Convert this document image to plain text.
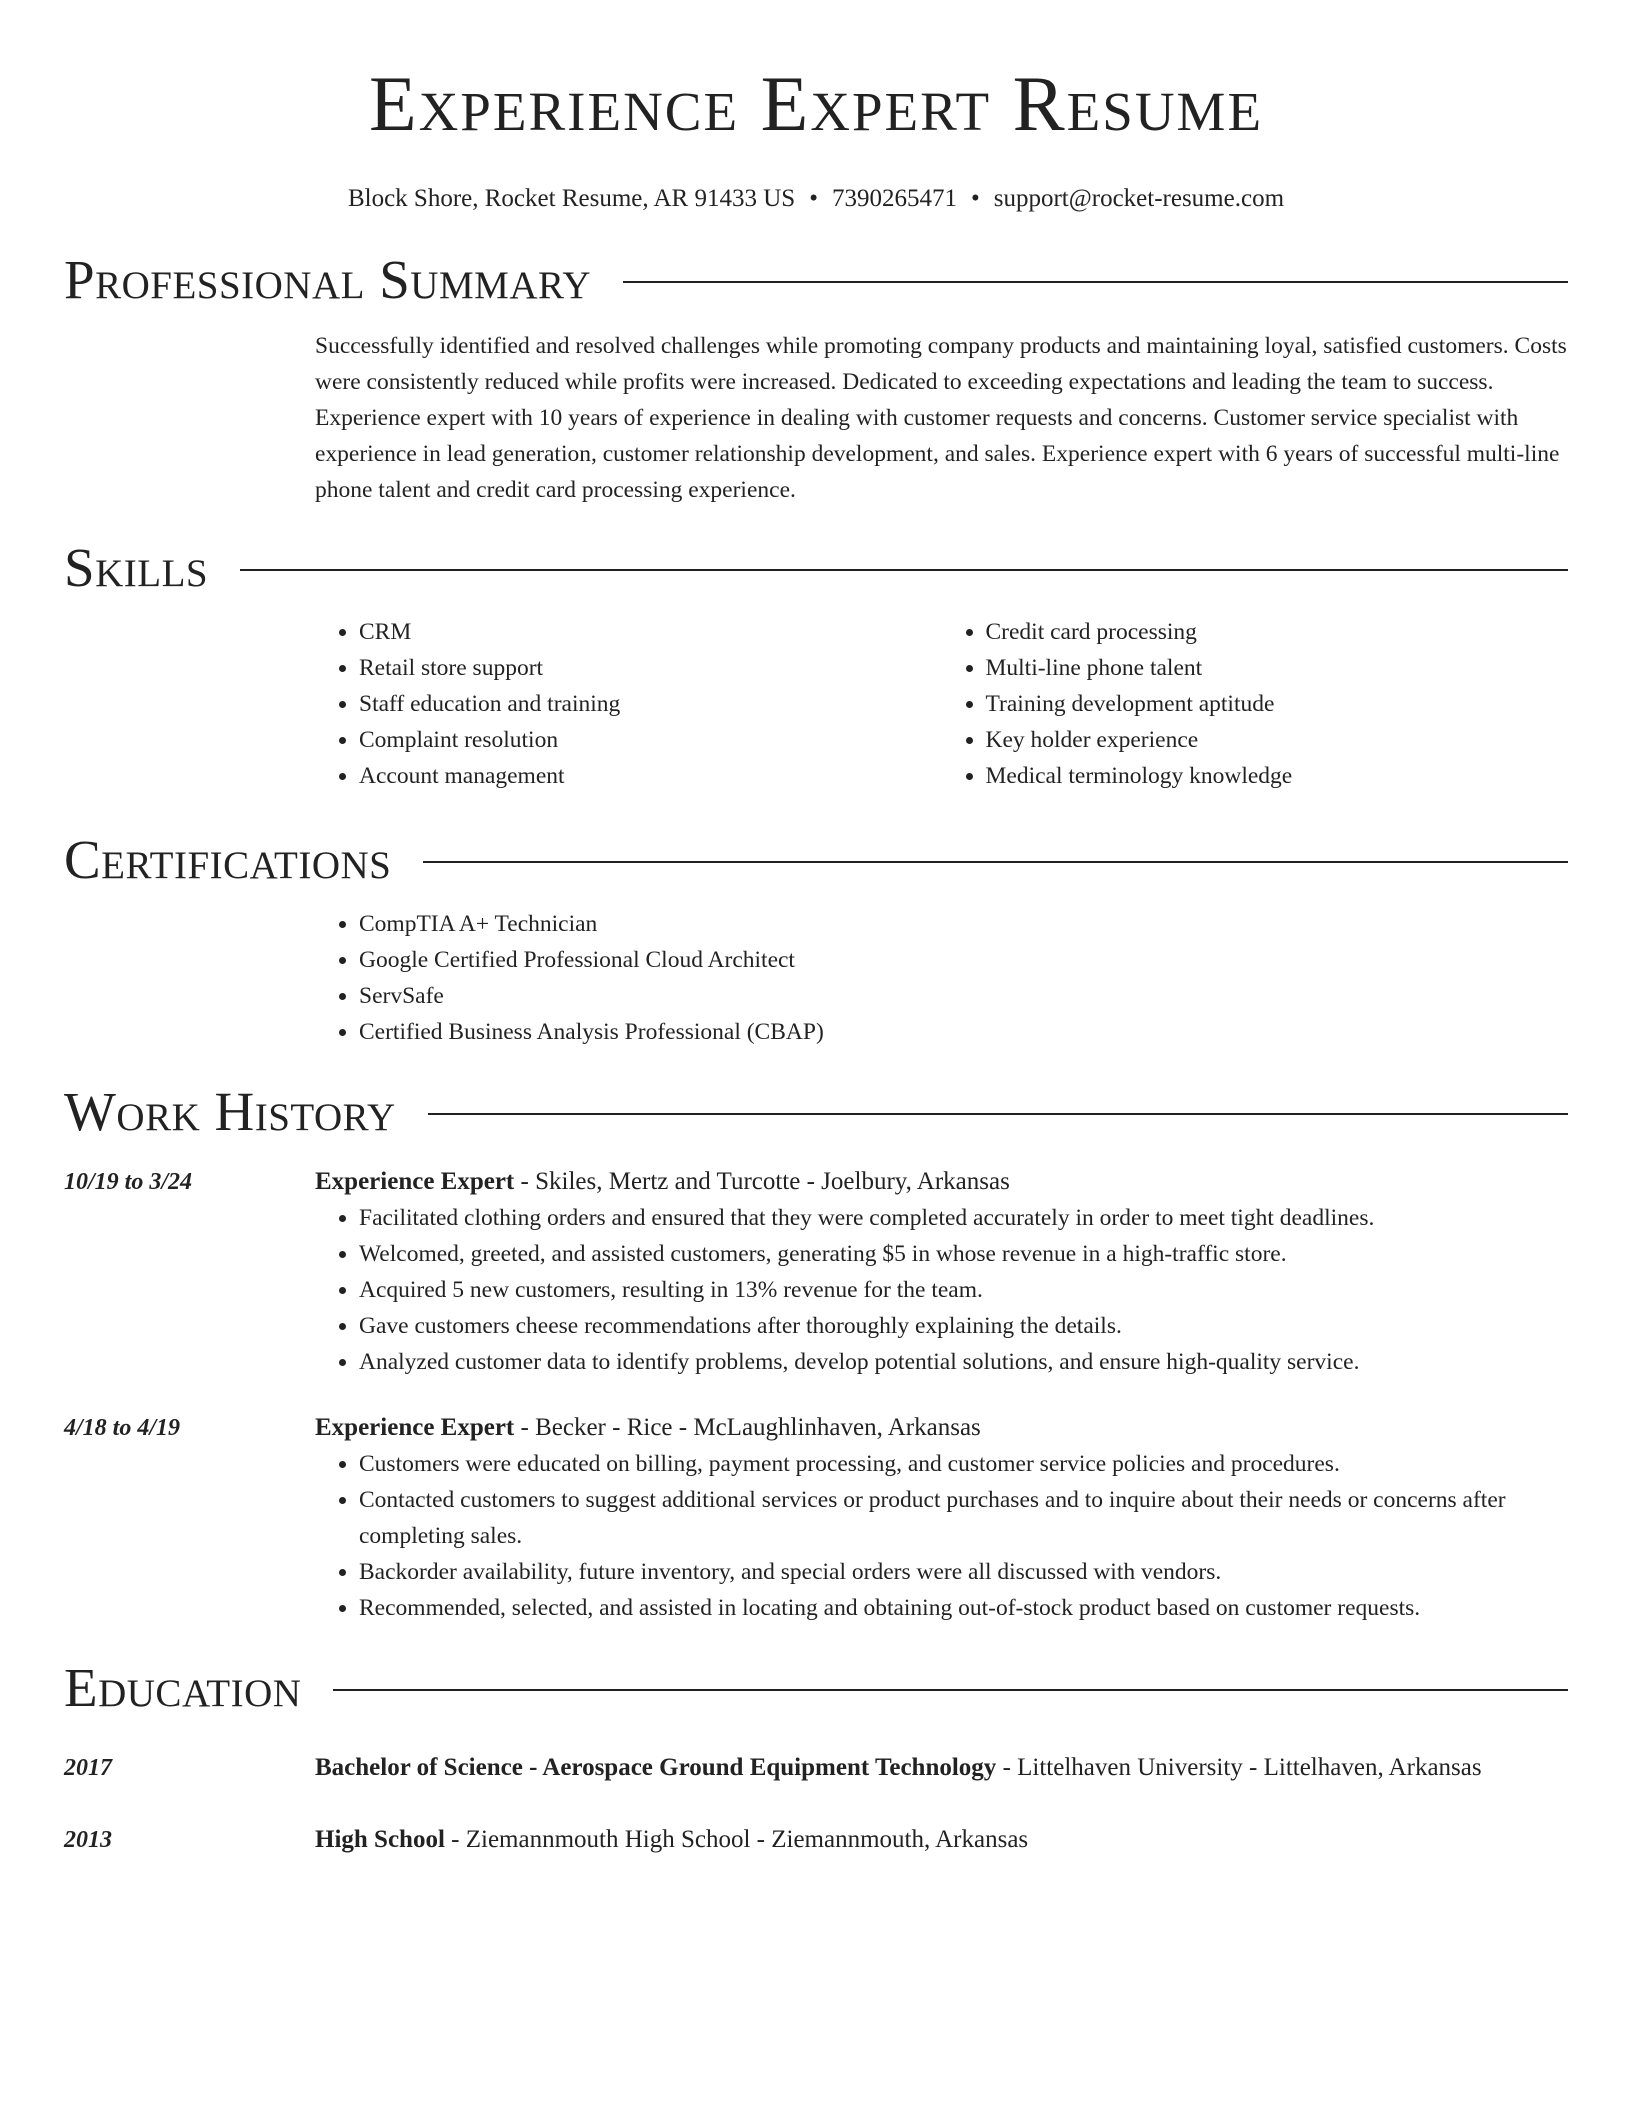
Experience Expert Resume
Block Shore, Rocket Resume, AR 91433 US • 7390265471 • support@rocket-resume.com
Professional Summary
Successfully identified and resolved challenges while promoting company products and maintaining loyal, satisfied customers. Costs were consistently reduced while profits were increased. Dedicated to exceeding expectations and leading the team to success. Experience expert with 10 years of experience in dealing with customer requests and concerns. Customer service specialist with experience in lead generation, customer relationship development, and sales. Experience expert with 6 years of successful multi-line phone talent and credit card processing experience.
Skills
• CRM
• Retail store support
• Staff education and training
• Complaint resolution
• Account management
• Credit card processing
• Multi-line phone talent
• Training development aptitude
• Key holder experience
• Medical terminology knowledge
Certifications
• CompTIA A+ Technician
• Google Certified Professional Cloud Architect
• ServSafe
• Certified Business Analysis Professional (CBAP)
Work History
10/19 to 3/24	Experience Expert - Skiles, Mertz and Turcotte - Joelbury, Arkansas
• Facilitated clothing orders and ensured that they were completed accurately in order to meet tight deadlines.
• Welcomed, greeted, and assisted customers, generating $5 in whose revenue in a high-traffic store.
• Acquired 5 new customers, resulting in 13% revenue for the team.
• Gave customers cheese recommendations after thoroughly explaining the details.
• Analyzed customer data to identify problems, develop potential solutions, and ensure high-quality service.
4/18 to 4/19	Experience Expert - Becker - Rice - McLaughlinhaven, Arkansas
• Customers were educated on billing, payment processing, and customer service policies and procedures.
• Contacted customers to suggest additional services or product purchases and to inquire about their needs or concerns after completing sales.
• Backorder availability, future inventory, and special orders were all discussed with vendors.
• Recommended, selected, and assisted in locating and obtaining out-of-stock product based on customer requests.
Education
2017	Bachelor of Science - Aerospace Ground Equipment Technology - Littelhaven University - Littelhaven, Arkansas
2013	High School - Ziemannmouth High School - Ziemannmouth, Arkansas
